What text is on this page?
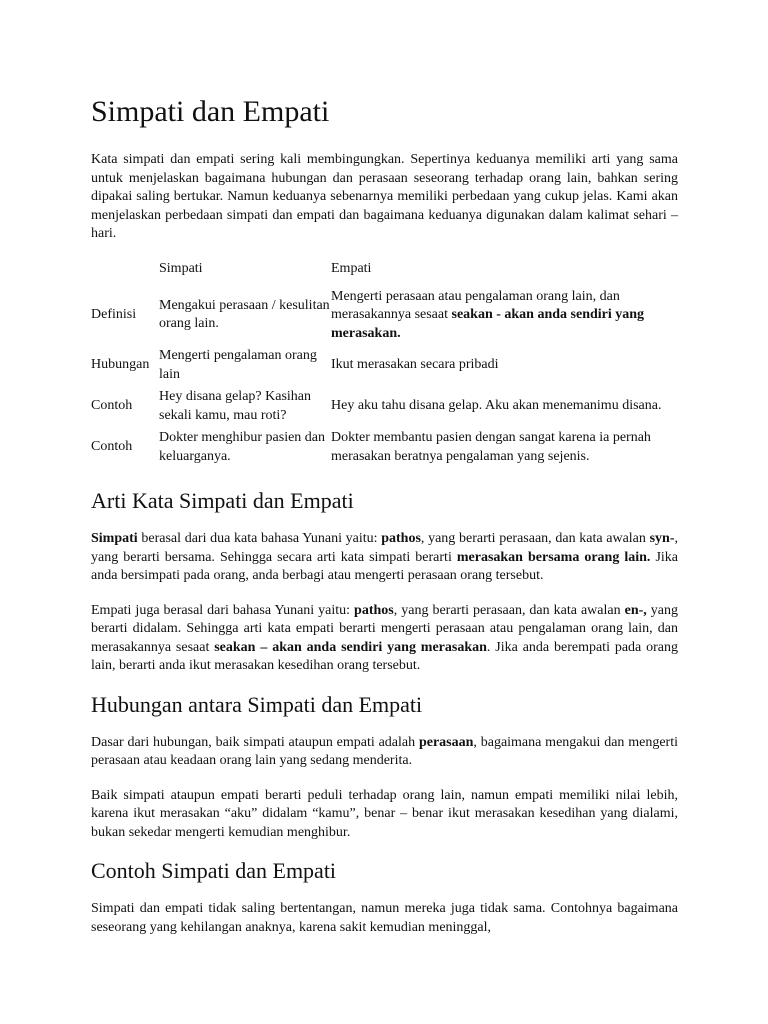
Simpati dan Empati

Kata simpati dan empati sering kali membingungkan. Sepertinya keduanya memiliki arti yang sama untuk menjelaskan bagaimana hubungan dan perasaan seseorang terhadap orang lain, bahkan sering dipakai saling bertukar. Namun keduanya sebenarnya memiliki perbedaan yang cukup jelas. Kami akan menjelaskan perbedaan simpati dan empati dan bagaimana keduanya digunakan dalam kalimat sehari – hari.

	Simpati	Empati
Definisi	Mengakui perasaan / kesulitan orang lain.	Mengerti perasaan atau pengalaman orang lain, dan merasakannya sesaat seakan - akan anda sendiri yang merasakan.
Hubungan	Mengerti pengalaman orang lain	Ikut merasakan secara pribadi
Contoh	Hey disana gelap? Kasihan sekali kamu, mau roti?	Hey aku tahu disana gelap. Aku akan menemanimu disana.
Contoh	Dokter menghibur pasien dan keluarganya.	Dokter membantu pasien dengan sangat karena ia pernah merasakan beratnya pengalaman yang sejenis.
Arti Kata Simpati dan Empati

Simpati berasal dari dua kata bahasa Yunani yaitu: pathos, yang berarti perasaan, dan kata awalan syn-, yang berarti bersama. Sehingga secara arti kata simpati berarti merasakan bersama orang lain. Jika anda bersimpati pada orang, anda berbagi atau mengerti perasaan orang tersebut.

Empati juga berasal dari bahasa Yunani yaitu: pathos, yang berarti perasaan, dan kata awalan en-, yang berarti didalam. Sehingga arti kata empati berarti mengerti perasaan atau pengalaman orang lain, dan merasakannya sesaat seakan – akan anda sendiri yang merasakan. Jika anda berempati pada orang lain, berarti anda ikut merasakan kesedihan orang tersebut.

Hubungan antara Simpati dan Empati

Dasar dari hubungan, baik simpati ataupun empati adalah perasaan, bagaimana mengakui dan mengerti perasaan atau keadaan orang lain yang sedang menderita.

Baik simpati ataupun empati berarti peduli terhadap orang lain, namun empati memiliki nilai lebih, karena ikut merasakan “aku” didalam “kamu”, benar – benar ikut merasakan kesedihan yang dialami, bukan sekedar mengerti kemudian menghibur.

Contoh Simpati dan Empati

Simpati dan empati tidak saling bertentangan, namun mereka juga tidak sama. Contohnya bagaimana seseorang yang kehilangan anaknya, karena sakit kemudian meninggal,
